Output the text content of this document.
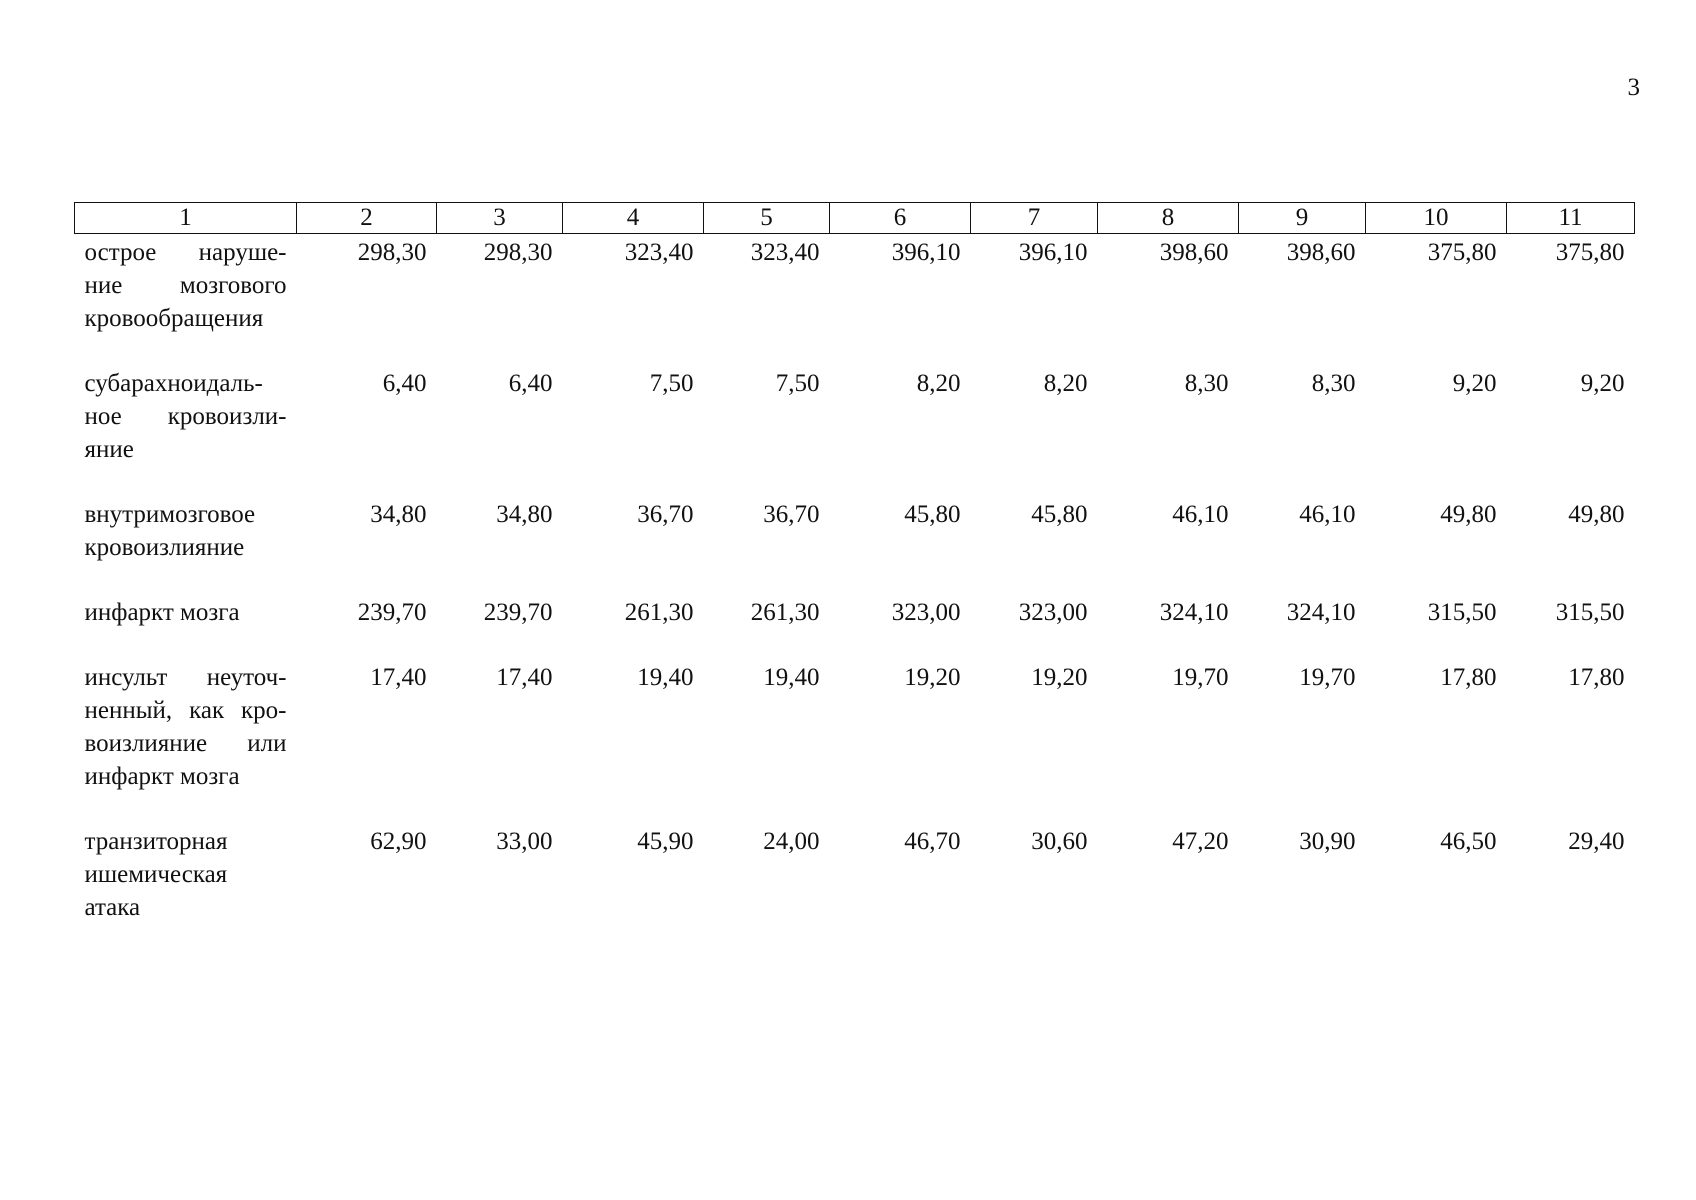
3
1	2	3	4	5	6	7	8	9	10	11
острое наруше-ние мозгового кровообращения	298,30	298,30	323,40	323,40	396,10	396,10	398,60	398,60	375,80	375,80
субарахноидаль-ное кровоизли-яние	6,40	6,40	7,50	7,50	8,20	8,20	8,30	8,30	9,20	9,20
внутримозговое кровоизлияние	34,80	34,80	36,70	36,70	45,80	45,80	46,10	46,10	49,80	49,80
инфаркт мозга	239,70	239,70	261,30	261,30	323,00	323,00	324,10	324,10	315,50	315,50
инсульт неуточ-ненный, как кро-воизлияние или инфаркт мозга	17,40	17,40	19,40	19,40	19,20	19,20	19,70	19,70	17,80	17,80
транзиторная ишемическая атака	62,90	33,00	45,90	24,00	46,70	30,60	47,20	30,90	46,50	29,40
